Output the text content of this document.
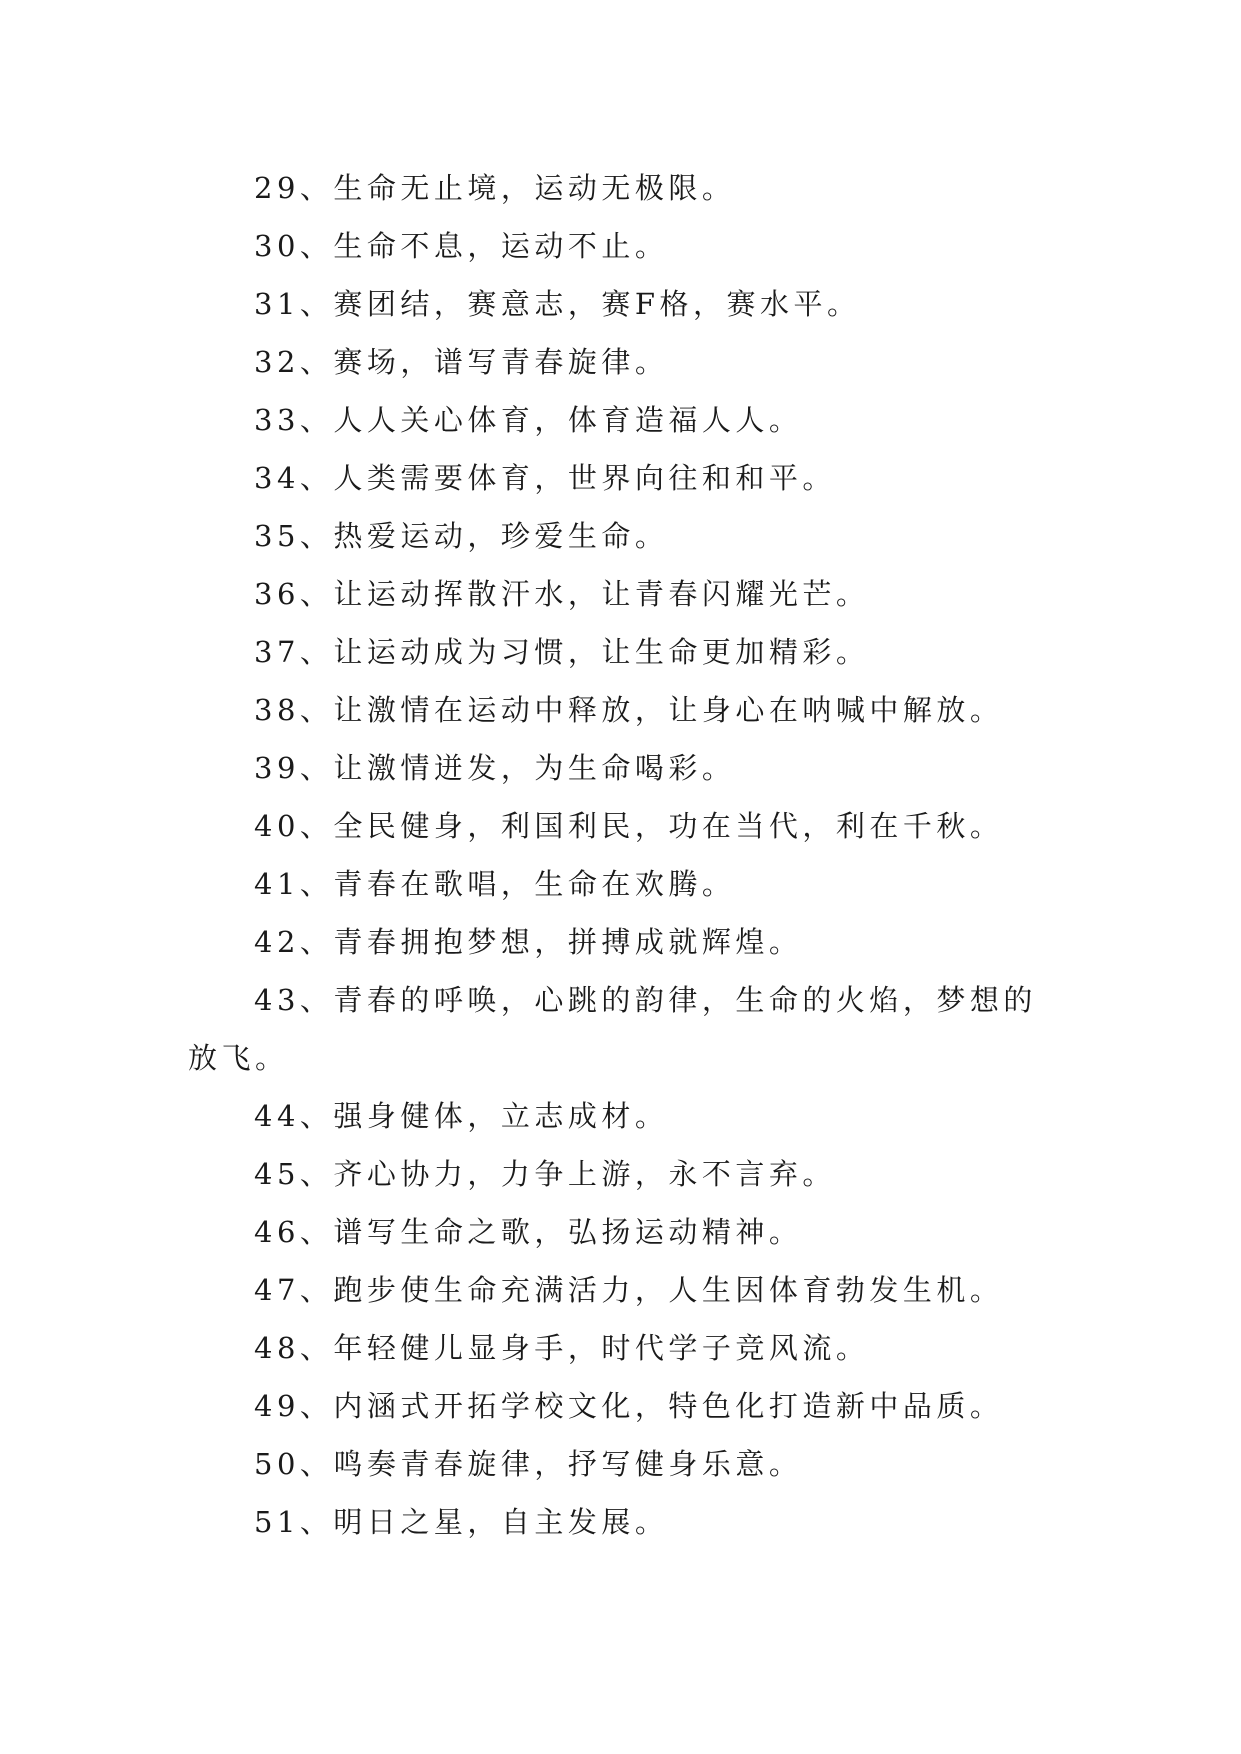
29、生命无止境，运动无极限。

30、生命不息，运动不止。

31、赛团结，赛意志，赛F格，赛水平。

32、赛场，谱写青春旋律。

33、人人关心体育，体育造福人人。

34、人类需要体育，世界向往和和平。

35、热爱运动，珍爱生命。

36、让运动挥散汗水，让青春闪耀光芒。

37、让运动成为习惯，让生命更加精彩。

38、让激情在运动中释放，让身心在呐喊中解放。

39、让激情迸发，为生命喝彩。

40、全民健身，利国利民，功在当代，利在千秋。

41、青春在歌唱，生命在欢腾。

42、青春拥抱梦想，拼搏成就辉煌。

43、青春的呼唤，心跳的韵律，生命的火焰，梦想的放飞。

44、强身健体，立志成材。

45、齐心协力，力争上游，永不言弃。

46、谱写生命之歌，弘扬运动精神。

47、跑步使生命充满活力，人生因体育勃发生机。

48、年轻健儿显身手，时代学子竞风流。

49、内涵式开拓学校文化，特色化打造新中品质。

50、鸣奏青春旋律，抒写健身乐意。

51、明日之星，自主发展。
